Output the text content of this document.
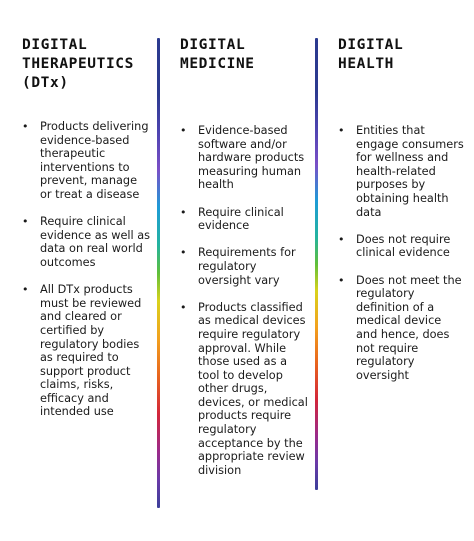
DIGITAL
THERAPEUTICS
(DTx)
• Products delivering evidence-based therapeutic interventions to prevent, manage or treat a disease
• Require clinical evidence as well as data on real world outcomes
• All DTx products must be reviewed and cleared or certified by regulatory bodies as required to support product claims, risks, efficacy and intended use
DIGITAL
MEDICINE
• Evidence-based software and/or hardware products measuring human health
• Require clinical evidence
• Requirements for regulatory oversight vary
• Products classified as medical devices require regulatory approval. While those used as a tool to develop other drugs, devices, or medical products require regulatory acceptance by the appropriate review division
DIGITAL
HEALTH
• Entities that engage consumers for wellness and health-related purposes by obtaining health data
• Does not require clinical evidence
• Does not meet the regulatory definition of a medical device and hence, does not require regulatory oversight
